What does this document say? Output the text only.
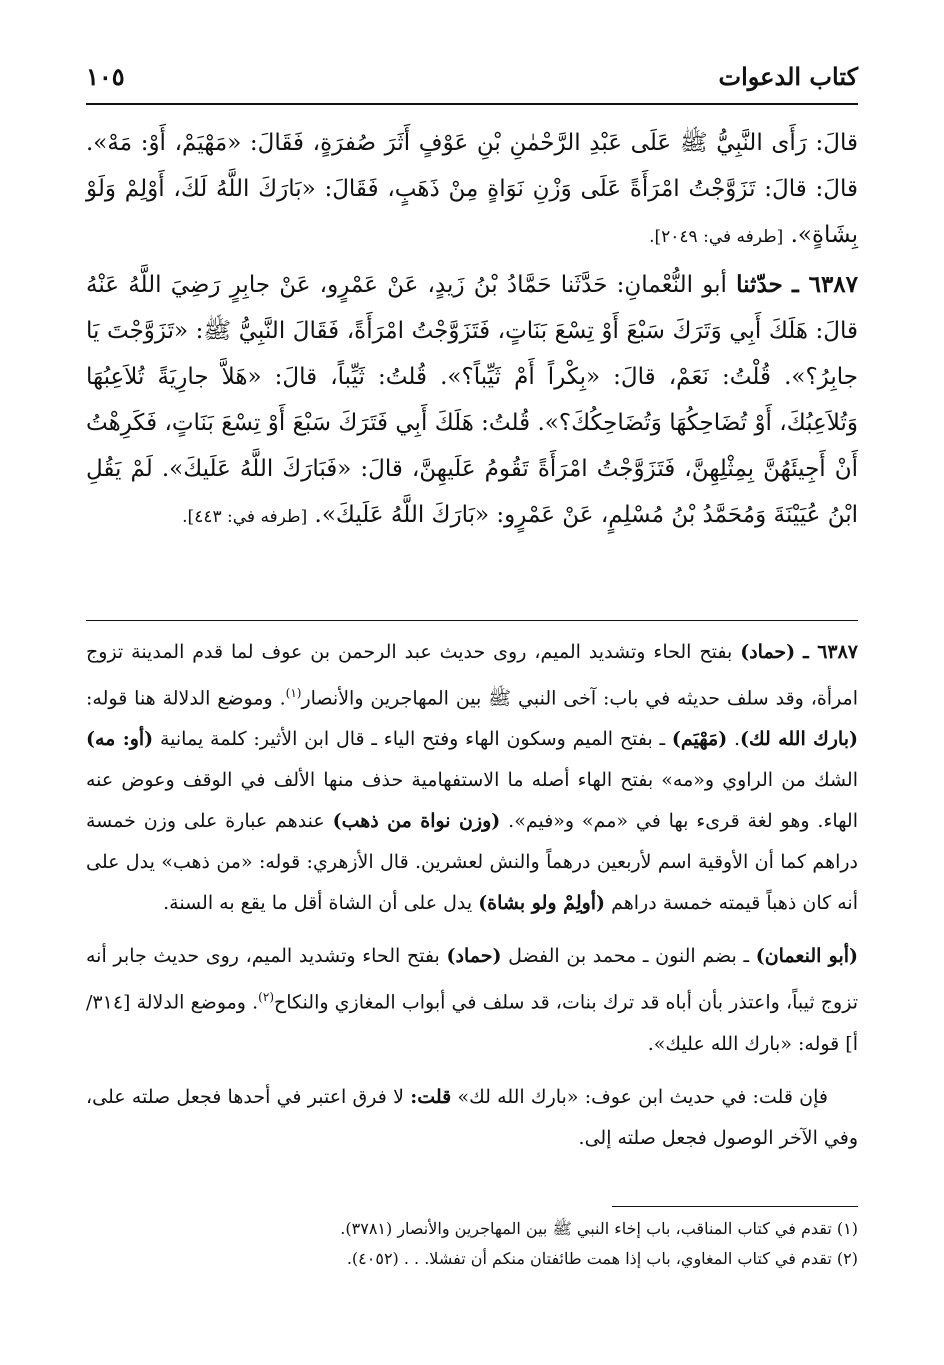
كتاب الدعوات
١٠٥

قالَ: رَأَى النَّبِيُّ ﷺ عَلَى عَبْدِ الرَّحْمٰنِ بْنِ عَوْفٍ أَثَرَ صُفرَةٍ، فَقَالَ: «مَهْيَمْ، أَوْ: مَهْ». قالَ: قالَ: تَزَوَّجْتُ امْرَأَةً عَلَى وَزْنِ نَوَاةٍ مِنْ ذَهَبٍ، فَقَالَ: «بَارَكَ اللَّهُ لَكَ، أَوْلِمْ وَلَوْ بِشَاةٍ». [طرفه في: ٢٠٤٩].

٦٣٨٧ ـ حدّثنا أبو النُّعْمانِ: حَدَّثَنا حَمَّادُ بْنُ زَيدٍ، عَنْ عَمْرٍو، عَنْ جابِرٍ رَضِيَ اللَّهُ عَنْهُ قالَ: هَلَكَ أَبِي وَتَرَكَ سَبْعَ أَوْ تِسْعَ بَنَاتٍ، فَتَزَوَّجْتُ امْرَأَةً، فَقَالَ النَّبِيُّ ﷺ: «تَزَوَّجْتَ يَا جابِرُ؟». قُلْتُ: نَعَمْ، قالَ: «بِكْراً أَمْ ثَيِّباً؟». قُلتُ: ثَيِّباً، قالَ: «هَلاَّ جارِيَةً تُلاَعِبُهَا وَتُلاَعِبُكَ، أَوْ تُضَاحِكُهَا وَتُضَاحِكُكَ؟». قُلتُ: هَلَكَ أَبِي فَتَرَكَ سَبْعَ أَوْ تِسْعَ بَنَاتٍ، فَكَرِهْتُ أَنْ أَجِيئَهُنَّ بِمِثْلِهِنَّ، فَتَزَوَّجْتُ امْرَأَةً تَقُومُ عَلَيهِنَّ، قالَ: «فَبَارَكَ اللَّهُ عَلَيكَ». لَمْ يَقُلِ ابْنُ عُيَيْنَةَ وَمُحَمَّدُ بْنُ مُسْلِمٍ، عَنْ عَمْرٍو: «بَارَكَ اللَّهُ عَلَيكَ». [طرفه في: ٤٤٣].

٦٣٨٧ ـ (حماد) بفتح الحاء وتشديد الميم، روى حديث عبد الرحمن بن عوف لما قدم المدينة تزوج امرأة، وقد سلف حديثه في باب: آخى النبي ﷺ بين المهاجرين والأنصار$^{(١)}$. وموضع الدلالة هنا قوله: (بارك الله لك). (مَهْيَم) ـ بفتح الميم وسكون الهاء وفتح الياء ـ قال ابن الأثير: كلمة يمانية (أو: مه) الشك من الراوي و«مه» بفتح الهاء أصله ما الاستفهامية حذف منها الألف في الوقف وعوض عنه الهاء. وهو لغة قرىء بها في «مم» و«فيم». (وزن نواة من ذهب) عندهم عبارة على وزن خمسة دراهم كما أن الأوقية اسم لأربعين درهماً والنش لعشرين. قال الأزهري: قوله: «من ذهب» يدل على أنه كان ذهباً قيمته خمسة دراهم (أولِمْ ولو بشاة) يدل على أن الشاة أقل ما يقع به السنة.

(أبو النعمان) ـ بضم النون ـ محمد بن الفضل (حماد) بفتح الحاء وتشديد الميم، روى حديث جابر أنه تزوج ثيباً، واعتذر بأن أباه قد ترك بنات، قد سلف في أبواب المغازي والنكاح$^{(٢)}$. وموضع الدلالة [٣١٤/أ] قوله: «بارك الله عليك».

فإن قلت: في حديث ابن عوف: «بارك الله لك» قلت: لا فرق اعتبر في أحدها فجعل صلته على، وفي الآخر الوصول فجعل صلته إلى.

(١) تقدم في كتاب المناقب، باب إخاء النبي ﷺ بين المهاجرين والأنصار (٣٧٨١).
(٢) تقدم في كتاب المغاوي، باب إذا همت طائفتان منكم أن تفشلا. . . (٤٠٥٢).
